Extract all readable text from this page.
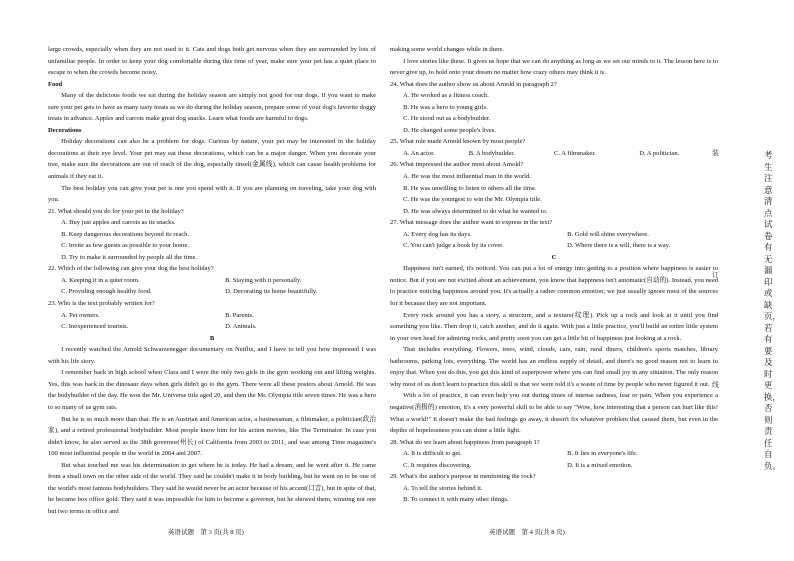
large crowds, especially when they are not used to it. Cats and dogs both get nervous when they are surrounded by lots of unfamiliar people. In order to keep your dog comfortable during this time of year, make sure your pet has a quiet place to escape to when the crowds become noisy.

Food

Many of the delicious foods we eat during the holiday season are simply not good for our dogs. If you want to make sure your pet gets to have as many tasty treats as we do during the holiday season, prepare some of your dog's favorite doggy treats in advance. Apples and carrots make great dog snacks. Learn what foods are harmful to dogs.

Decorations

Holiday decorations can also be a problem for dogs. Curious by nature, your pet may be interested in the holiday decorations at their eye level. Your pet may eat these decorations, which can be a major danger. When you decorate your tree, make sure the decorations are out of reach of the dog, especially tinsel(金属线), which can cause health problems for animals if they eat it.

The best holiday you can give your pet is one you spend with it. If you are planning on traveling, take your dog with you.

21. What should you do for your pet in the holiday?

A. Buy just apples and carrots as its snacks.

B. Keep dangerous decorations beyond its reach.

C. Invite as few guests as possible to your home.

D. Try to make it surrounded by people all the time.

22. Which of the following can give your dog the best holiday?

A. Keeping it in a quiet room.	B. Staying with it personally.
C. Providing enough healthy food.	D. Decorating its home beautifully.

23. Who is the text probably written for?

A. Pet owners.	B. Parents.
C. Inexperienced tourists.	D. Animals.

B

I recently watched the Arnold Schwarzenegger documentary on Netflix, and I have to tell you how impressed I was with his life story.

I remember back in high school when Clara and I were the only two girls in the gym working out and lifting weights. Yes, this was back in the dinosaur days when girls didn't go to the gym. There were all these posters about Arnold. He was the bodybuilder of the day. He won the Mr. Universe title aged 20, and then the Mr. Olympia title seven times. He was a hero to so many of us gym rats.

But he is so much more than that. He is an Austrian and American actor, a businessman, a filmmaker, a politician(政治家), and a retired professional bodybuilder. Most people know him for his action movies, like The Terminator. In case you didn't know, he also served as the 38th governor(州长) of California from 2003 to 2011, and was among Time magazine's 100 most influential people in the world in 2004 and 2007.

But what touched me was his determination to get where he is today. He had a dream, and he went after it. He came from a small town on the other side of the world. They said he couldn't make it in body building, but he went on to be one of the world's most famous bodybuilders. They said he would never be an actor because of his accent(口音), but in spite of that, he became box office gold. They said it was impossible for him to become a governor, but he showed them, winning not one but two terms in office and

making some world changes while in there.

I love stories like these. It gives us hope that we can do anything as long as we set our minds to it. The lesson here is to never give up, to hold onto your dream no matter how crazy others may think it is.

24. What does the author show us about Arnold in paragraph 2?

A. He worked as a fitness coach.

B. He was a hero to young girls.

C. He stood out as a bodybuilder.

D. He changed some people's lives.

25. What role made Arnold known by most people?

A. An actor.	B. A bodybuilder.	C. A filmmaker.	D. A politician.

26. What impressed the author most about Arnold?

A. He was the most influential man in the world.

B. He was unwilling to listen to others all the time.

C. He was the youngest to win the Mr. Olympia title.

D. He was always determined to do what he wanted to.

27. What message does the author want to express in the text?

A. Every dog has its days.	B. Gold will shine everywhere.
C. You can't judge a book by its cover.	D. Where there is a will, there is a way.

C

Happiness isn't earned, it's noticed. You can put a lot of energy into getting to a position where happiness is easier to notice. But if you are not excited about an achievement, you know that happiness isn't automatic(自动的). Instead, you need to practice noticing happiness around you. It's actually a rather common emotion; we just usually ignore most of the sources for it because they are not important.

Every rock around you has a story, a structure, and a texture(纹理). Pick up a rock and look at it until you find something you like. Then drop it, catch another, and do it again. With just a little practice, you'll build an entire little system in your own head for admiring rocks, and pretty soon you can get a little bit of happiness just looking at a rock.

That includes everything. Flowers, trees, wind, clouds, cars, rain, rural diners, children's sports matches, library bathrooms, parking lots, everything. The world has an endless supply of detail, and there's no good reason not to learn to enjoy that. When you do this, you get this kind of superpower where you can find small joy in any situation. The only reason why most of us don't learn to practice this skill is that we were told it's a waste of time by people who never figured it out.

With a lot of practice, it can even help you out during times of intense sadness, fear or pain. When you experience a negative(消极的) emotion, it's a very powerful skill to be able to say "Wow, how interesting that a person can hurt like this! What a world!" It doesn't make the bad feelings go away, it doesn't fix whatever problem that caused them, but even in the depths of hopelessness you can shine a little light.

28. What do we learn about happiness from paragraph 1?

A. It is difficult to get.	B. It lies in everyone's life.
C. It requires discovering.	D. It is a mixed emotion.

29. What's the author's purpose in mentioning the rock?

A. To tell the stories behind it.

B. To connect it with many other things.

英语试题　第 3 页(共 8 页)	英语试题　第 4 页(共 8 页)
装
订
线
考生注意清点试卷有无漏印或缺页，若有要及时更换，否则责任自负。
